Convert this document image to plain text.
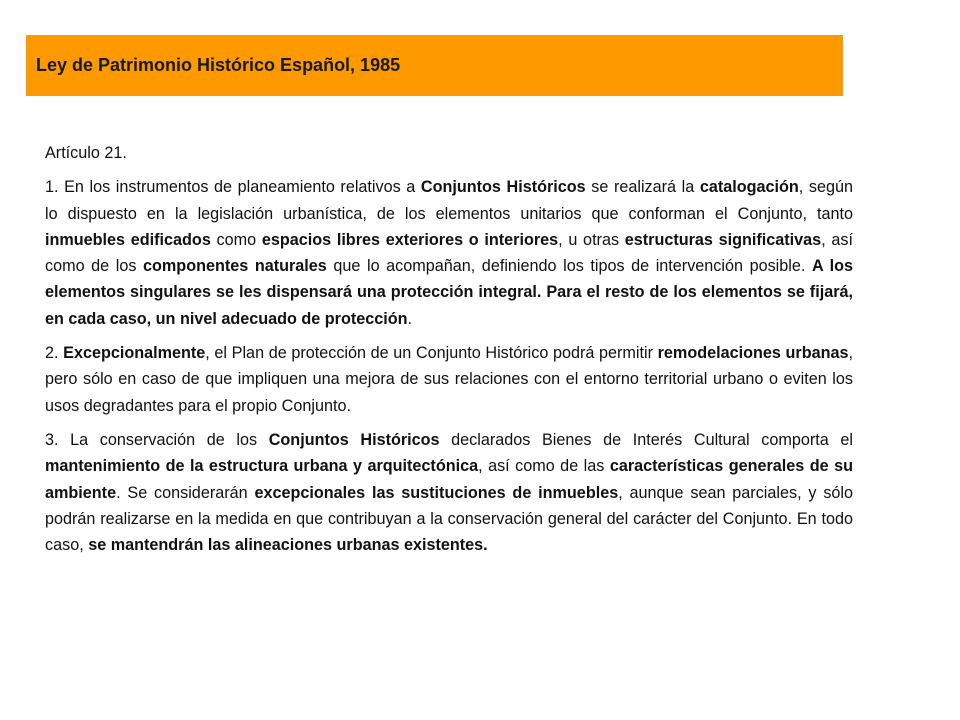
Ley de Patrimonio Histórico Español, 1985

Artículo 21.

1. En los instrumentos de planeamiento relativos a Conjuntos Históricos se realizará la catalogación, según lo dispuesto en la legislación urbanística, de los elementos unitarios que conforman el Conjunto, tanto inmuebles edificados como espacios libres exteriores o interiores, u otras estructuras significativas, así como de los componentes naturales que lo acompañan, definiendo los tipos de intervención posible. A los elementos singulares se les dispensará una protección integral. Para el resto de los elementos se fijará, en cada caso, un nivel adecuado de protección.

2. Excepcionalmente, el Plan de protección de un Conjunto Histórico podrá permitir remodelaciones urbanas, pero sólo en caso de que impliquen una mejora de sus relaciones con el entorno territorial urbano o eviten los usos degradantes para el propio Conjunto.

3. La conservación de los Conjuntos Históricos declarados Bienes de Interés Cultural comporta el mantenimiento de la estructura urbana y arquitectónica, así como de las características generales de su ambiente. Se considerarán excepcionales las sustituciones de inmuebles, aunque sean parciales, y sólo podrán realizarse en la medida en que contribuyan a la conservación general del carácter del Conjunto. En todo caso, se mantendrán las alineaciones urbanas existentes.
